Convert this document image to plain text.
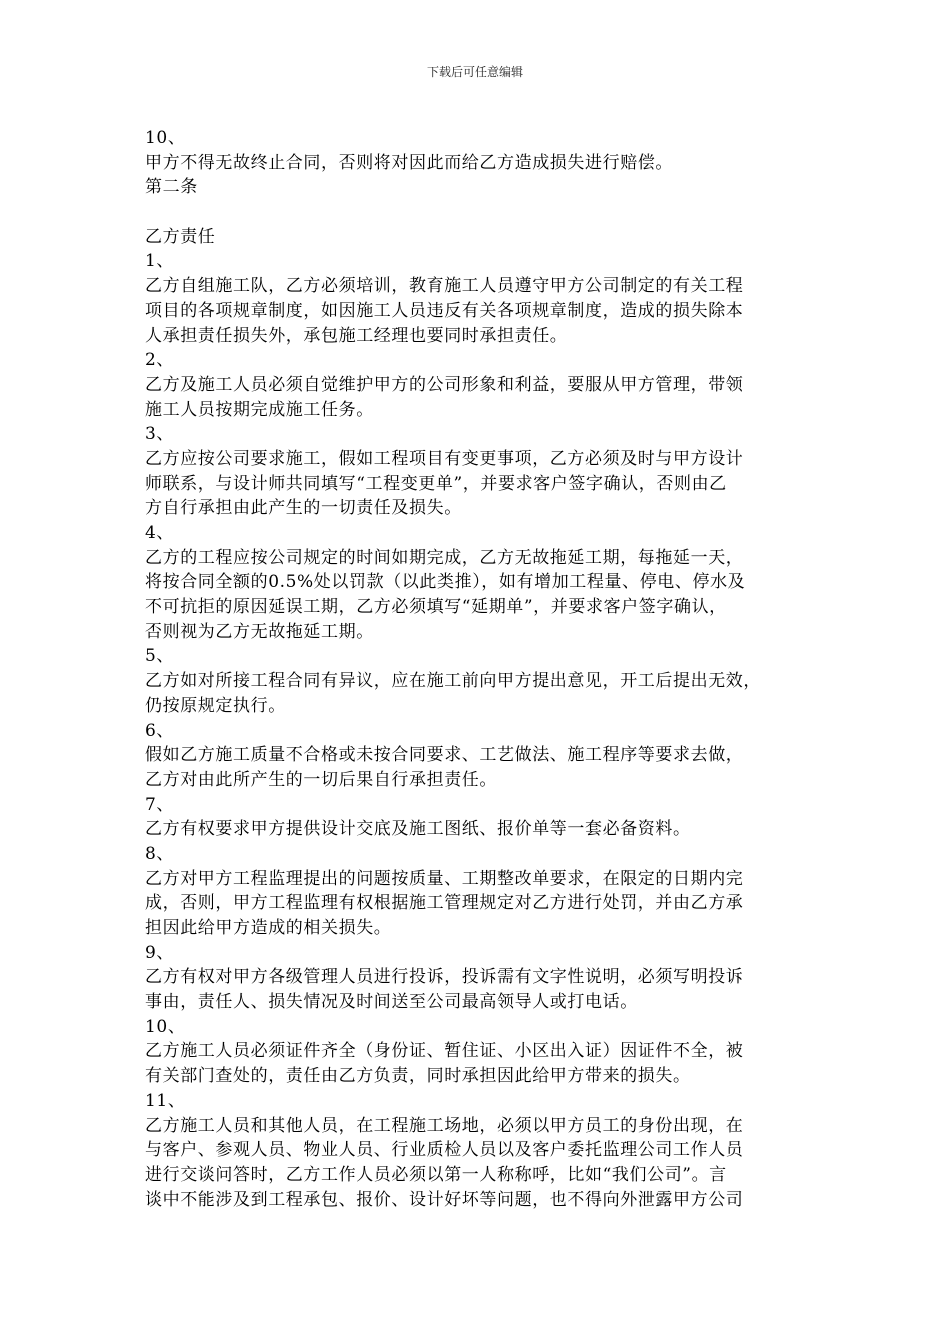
下载后可任意编辑
10、
甲方不得无故终止合同，否则将对因此而给乙方造成损失进行赔偿。
第二条
乙方责任
1、
乙方自组施工队，乙方必须培训，教育施工人员遵守甲方公司制定的有关工程
项目的各项规章制度，如因施工人员违反有关各项规章制度，造成的损失除本
人承担责任损失外，承包施工经理也要同时承担责任。
2、
乙方及施工人员必须自觉维护甲方的公司形象和利益，要服从甲方管理，带领
施工人员按期完成施工任务。
3、
乙方应按公司要求施工，假如工程项目有变更事项，乙方必须及时与甲方设计
师联系，与设计师共同填写“工程变更单”，并要求客户签字确认，否则由乙
方自行承担由此产生的一切责任及损失。
4、
乙方的工程应按公司规定的时间如期完成，乙方无故拖延工期，每拖延一天，
将按合同全额的0.5%处以罚款（以此类推），如有增加工程量、停电、停水及
不可抗拒的原因延误工期，乙方必须填写“延期单”，并要求客户签字确认，
否则视为乙方无故拖延工期。
5、
乙方如对所接工程合同有异议，应在施工前向甲方提出意见，开工后提出无效，
仍按原规定执行。
6、
假如乙方施工质量不合格或未按合同要求、工艺做法、施工程序等要求去做，
乙方对由此所产生的一切后果自行承担责任。
7、
乙方有权要求甲方提供设计交底及施工图纸、报价单等一套必备资料。
8、
乙方对甲方工程监理提出的问题按质量、工期整改单要求，在限定的日期内完
成，否则，甲方工程监理有权根据施工管理规定对乙方进行处罚，并由乙方承
担因此给甲方造成的相关损失。
9、
乙方有权对甲方各级管理人员进行投诉，投诉需有文字性说明，必须写明投诉
事由，责任人、损失情况及时间送至公司最高领导人或打电话。
10、
乙方施工人员必须证件齐全（身份证、暂住证、小区出入证）因证件不全，被
有关部门查处的，责任由乙方负责，同时承担因此给甲方带来的损失。
11、
乙方施工人员和其他人员，在工程施工场地，必须以甲方员工的身份出现，在
与客户、参观人员、物业人员、行业质检人员以及客户委托监理公司工作人员
进行交谈问答时，乙方工作人员必须以第一人称称呼，比如“我们公司”。言
谈中不能涉及到工程承包、报价、设计好坏等问题，也不得向外泄露甲方公司
